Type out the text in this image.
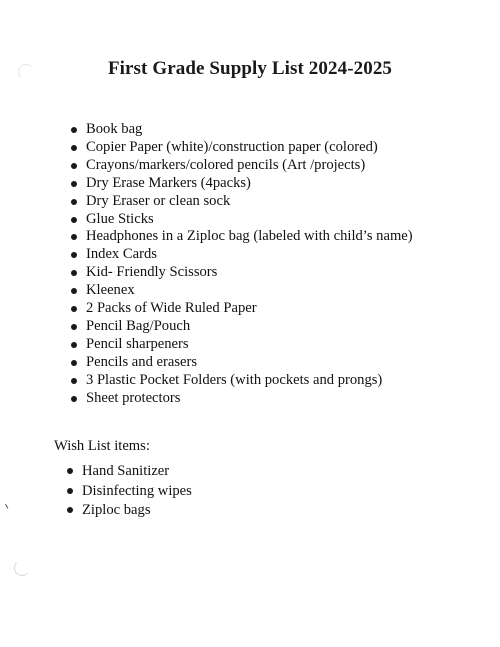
First Grade Supply List 2024-2025
Book bag
Copier Paper (white)/construction paper (colored)
Crayons/markers/colored pencils (Art /projects)
Dry Erase Markers (4packs)
Dry Eraser or clean sock
Glue Sticks
Headphones in a Ziploc bag (labeled with child’s name)
Index Cards
Kid- Friendly Scissors
Kleenex
2 Packs of Wide Ruled Paper
Pencil Bag/Pouch
Pencil sharpeners
Pencils and erasers
3 Plastic Pocket Folders (with pockets and prongs)
Sheet protectors
Wish List items:
Hand Sanitizer
Disinfecting wipes
Ziploc bags
